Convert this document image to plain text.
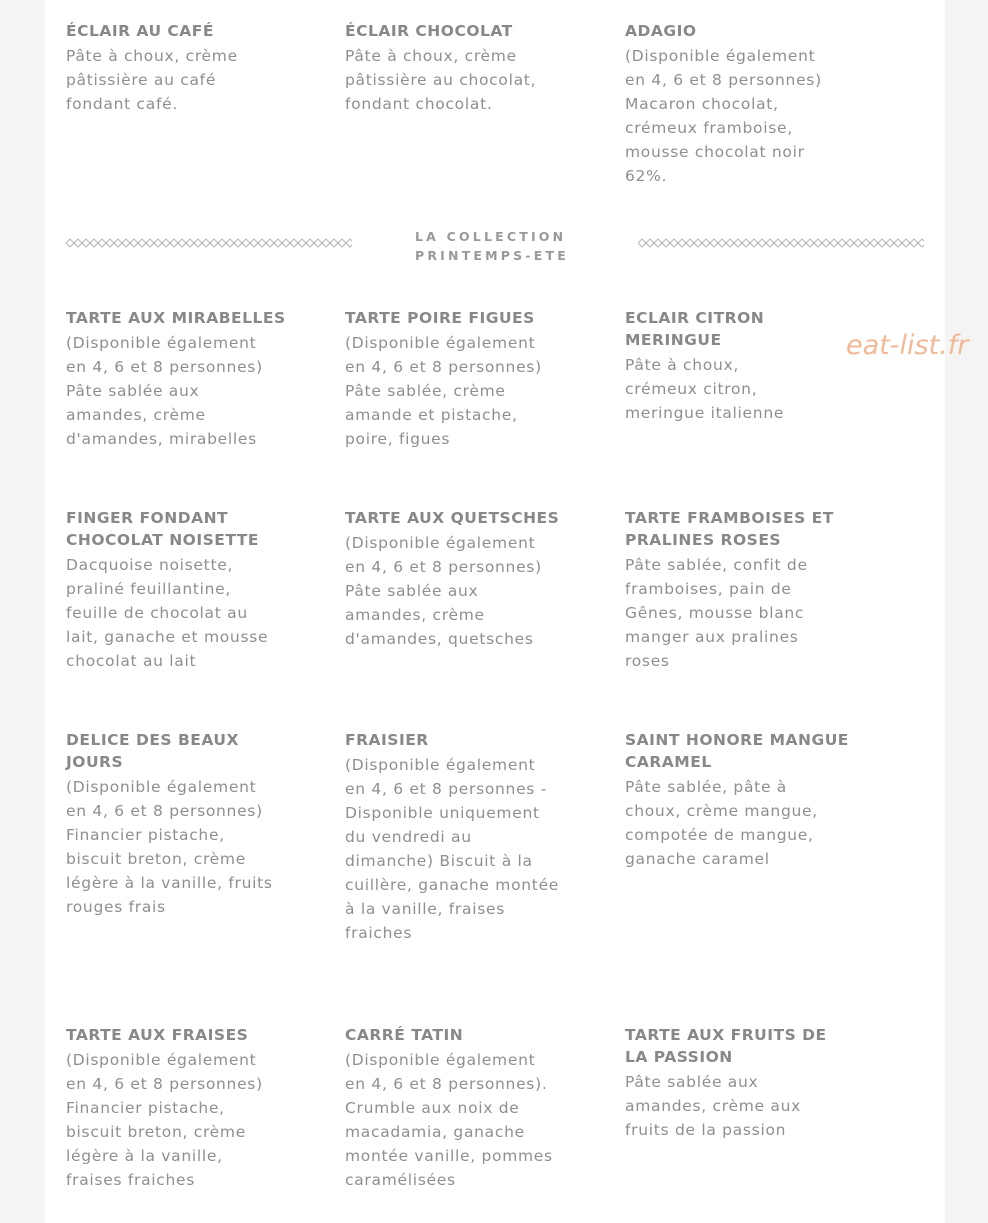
ÉCLAIR AU CAFÉ

Pâte à choux, crème pâtissière au café fondant café.

ÉCLAIR CHOCOLAT

Pâte à choux, crème pâtissière au chocolat, fondant chocolat.

ADAGIO

(Disponible également en 4, 6 et 8 personnes) Macaron chocolat, crémeux framboise, mousse chocolat noir 62%.

LA COLLECTION
PRINTEMPS-ETE
TARTE AUX MIRABELLES

(Disponible également en 4, 6 et 8 personnes) Pâte sablée aux amandes, crème d'amandes, mirabelles

TARTE POIRE FIGUES

(Disponible également en 4, 6 et 8 personnes) Pâte sablée, crème amande et pistache, poire, figues

ECLAIR CITRON MERINGUE

Pâte à choux, crémeux citron, meringue italienne

FINGER FONDANT CHOCOLAT NOISETTE

Dacquoise noisette, praliné feuillantine, feuille de chocolat au lait, ganache et mousse chocolat au lait

TARTE AUX QUETSCHES

(Disponible également en 4, 6 et 8 personnes) Pâte sablée aux amandes, crème d'amandes, quetsches

TARTE FRAMBOISES ET PRALINES ROSES

Pâte sablée, confit de framboises, pain de Gênes, mousse blanc manger aux pralines roses

DELICE DES BEAUX JOURS

(Disponible également en 4, 6 et 8 personnes) Financier pistache, biscuit breton, crème légère à la vanille, fruits rouges frais

FRAISIER

(Disponible également en 4, 6 et 8 personnes - Disponible uniquement du vendredi au dimanche) Biscuit à la cuillère, ganache montée à la vanille, fraises fraiches

SAINT HONORE MANGUE CARAMEL

Pâte sablée, pâte à choux, crème mangue, compotée de mangue, ganache caramel

TARTE AUX FRAISES

(Disponible également en 4, 6 et 8 personnes) Financier pistache, biscuit breton, crème légère à la vanille, fraises fraiches

CARRÉ TATIN

(Disponible également en 4, 6 et 8 personnes). Crumble aux noix de macadamia, ganache montée vanille, pommes caramélisées

TARTE AUX FRUITS DE LA PASSION

Pâte sablée aux amandes, crème aux fruits de la passion

eat-list.fr
